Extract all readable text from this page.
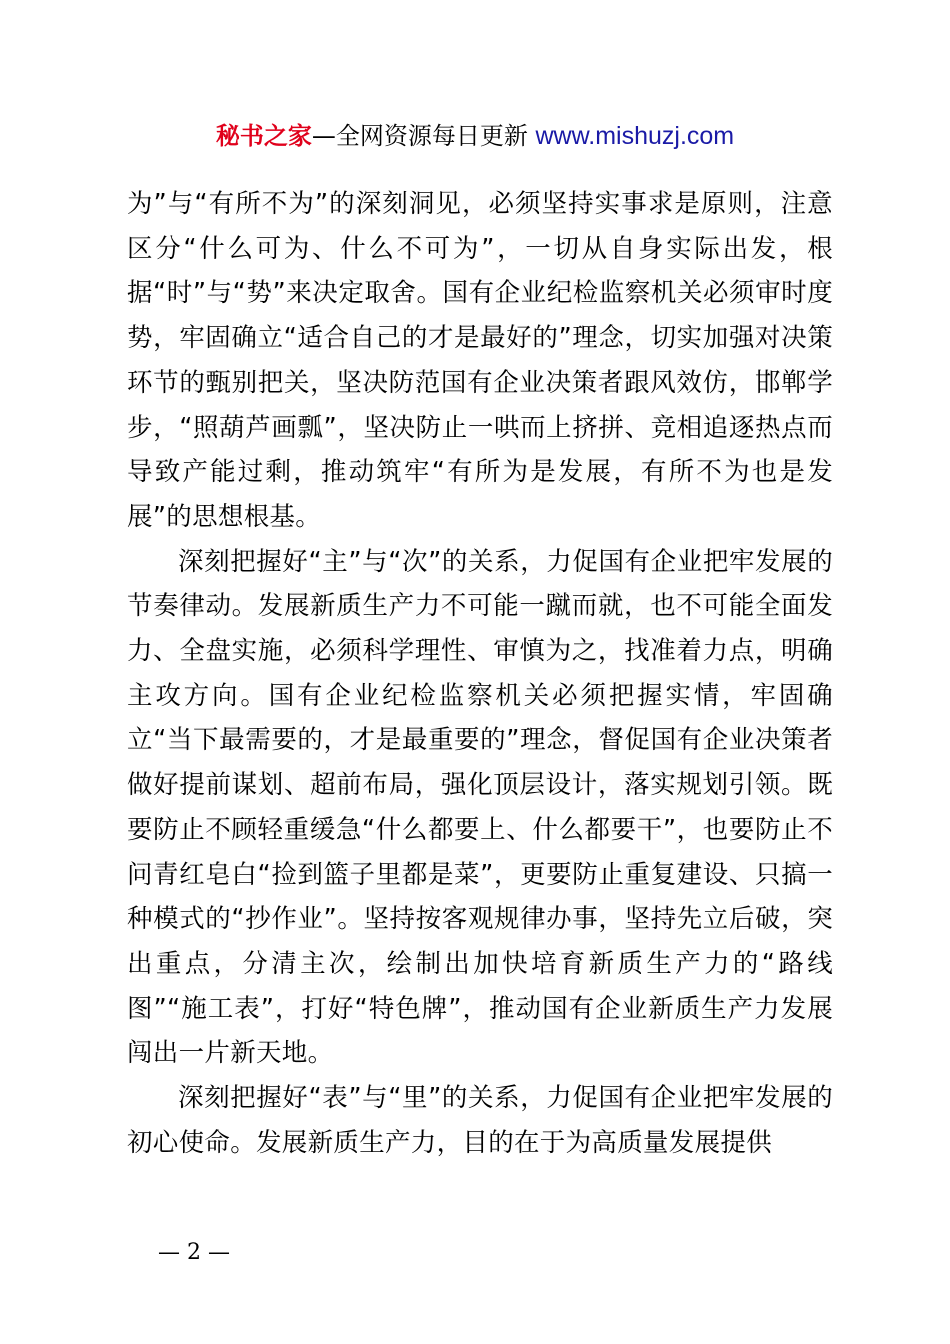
秘书之家—全网资源每日更新 www.mishuzj.com

为”与“有所不为”的深刻洞见，必须坚持实事求是原则，注意区分“什么可为、什么不可为”，一切从自身实际出发，根据“时”与“势”来决定取舍。国有企业纪检监察机关必须审时度势，牢固确立“适合自己的才是最好的”理念，切实加强对决策环节的甄别把关，坚决防范国有企业决策者跟风效仿，邯郸学步，“照葫芦画瓢”，坚决防止一哄而上挤拼、竞相追逐热点而导致产能过剩，推动筑牢“有所为是发展，有所不为也是发展”的思想根基。

深刻把握好“主”与“次”的关系，力促国有企业把牢发展的节奏律动。发展新质生产力不可能一蹴而就，也不可能全面发力、全盘实施，必须科学理性、审慎为之，找准着力点，明确主攻方向。国有企业纪检监察机关必须把握实情，牢固确立“当下最需要的，才是最重要的”理念，督促国有企业决策者做好提前谋划、超前布局，强化顶层设计，落实规划引领。既要防止不顾轻重缓急“什么都要上、什么都要干”，也要防止不问青红皂白“捡到篮子里都是菜”，更要防止重复建设、只搞一种模式的“抄作业”。坚持按客观规律办事，坚持先立后破，突出重点，分清主次，绘制出加快培育新质生产力的“路线图”“施工表”，打好“特色牌”，推动国有企业新质生产力发展闯出一片新天地。

深刻把握好“表”与“里”的关系，力促国有企业把牢发展的初心使命。发展新质生产力，目的在于为高质量发展提供

— 2 —
